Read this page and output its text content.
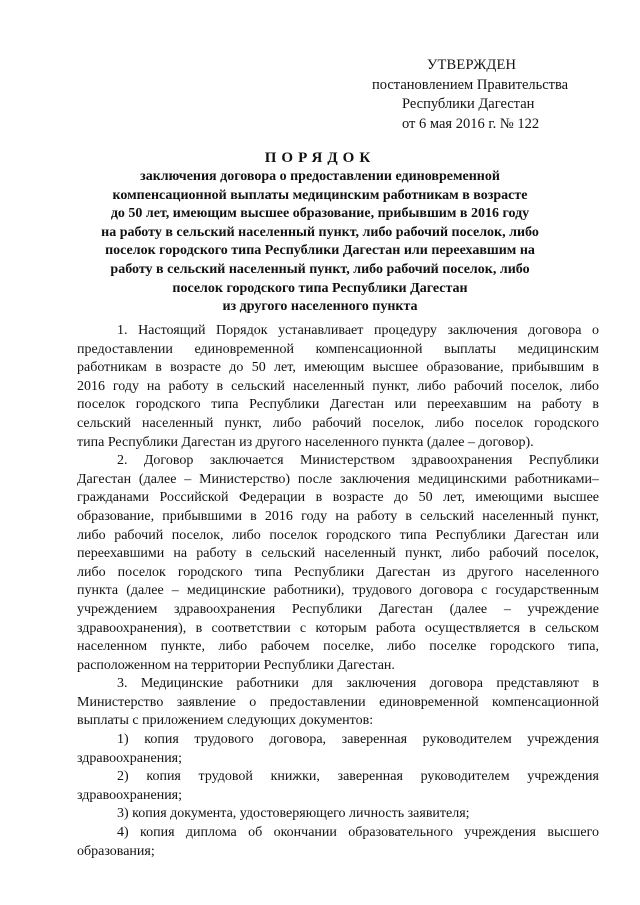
УТВЕРЖДЕН
постановлением Правительства
Республики Дагестан
от 6 мая 2016 г. № 122
ПОРЯДОК
заключения договора о предоставлении единовременной
компенсационной выплаты медицинским работникам в возрасте
до 50 лет, имеющим высшее образование, прибывшим в 2016 году
на работу в сельский населенный пункт, либо рабочий поселок, либо
поселок городского типа Республики Дагестан или переехавшим на
работу в сельский населенный пункт, либо рабочий поселок, либо
поселок городского типа Республики Дагестан
из другого населенного пункта
1. Настоящий Порядок устанавливает процедуру заключения договора о
предоставлении единовременной компенсационной выплаты медицинским
работникам в возрасте до 50 лет, имеющим высшее образование, прибывшим в
2016 году на работу в сельский населенный пункт, либо рабочий поселок, либо
поселок городского типа Республики Дагестан или переехавшим на работу в
сельский населенный пункт, либо рабочий поселок, либо поселок городского
типа Республики Дагестан из другого населенного пункта (далее – договор).
2. Договор заключается Министерством здравоохранения Республики
Дагестан (далее – Министерство) после заключения медицинскими работниками–
гражданами Российской Федерации в возрасте до 50 лет, имеющими высшее
образование, прибывшими в 2016 году на работу в сельский населенный пункт,
либо рабочий поселок, либо поселок городского типа Республики Дагестан или
переехавшими на работу в сельский населенный пункт, либо рабочий поселок,
либо поселок городского типа Республики Дагестан из другого населенного
пункта (далее – медицинские работники), трудового договора с государственным
учреждением здравоохранения Республики Дагестан (далее – учреждение
здравоохранения), в соответствии с которым работа осуществляется в сельском
населенном пункте, либо рабочем поселке, либо поселке городского типа,
расположенном на территории Республики Дагестан.
3. Медицинские работники для заключения договора представляют в
Министерство заявление о предоставлении единовременной компенсационной
выплаты с приложением следующих документов:
1) копия трудового договора, заверенная руководителем учреждения
здравоохранения;
2) копия трудовой книжки, заверенная руководителем учреждения
здравоохранения;
3) копия документа, удостоверяющего личность заявителя;
4) копия диплома об окончании образовательного учреждения высшего
образования;
